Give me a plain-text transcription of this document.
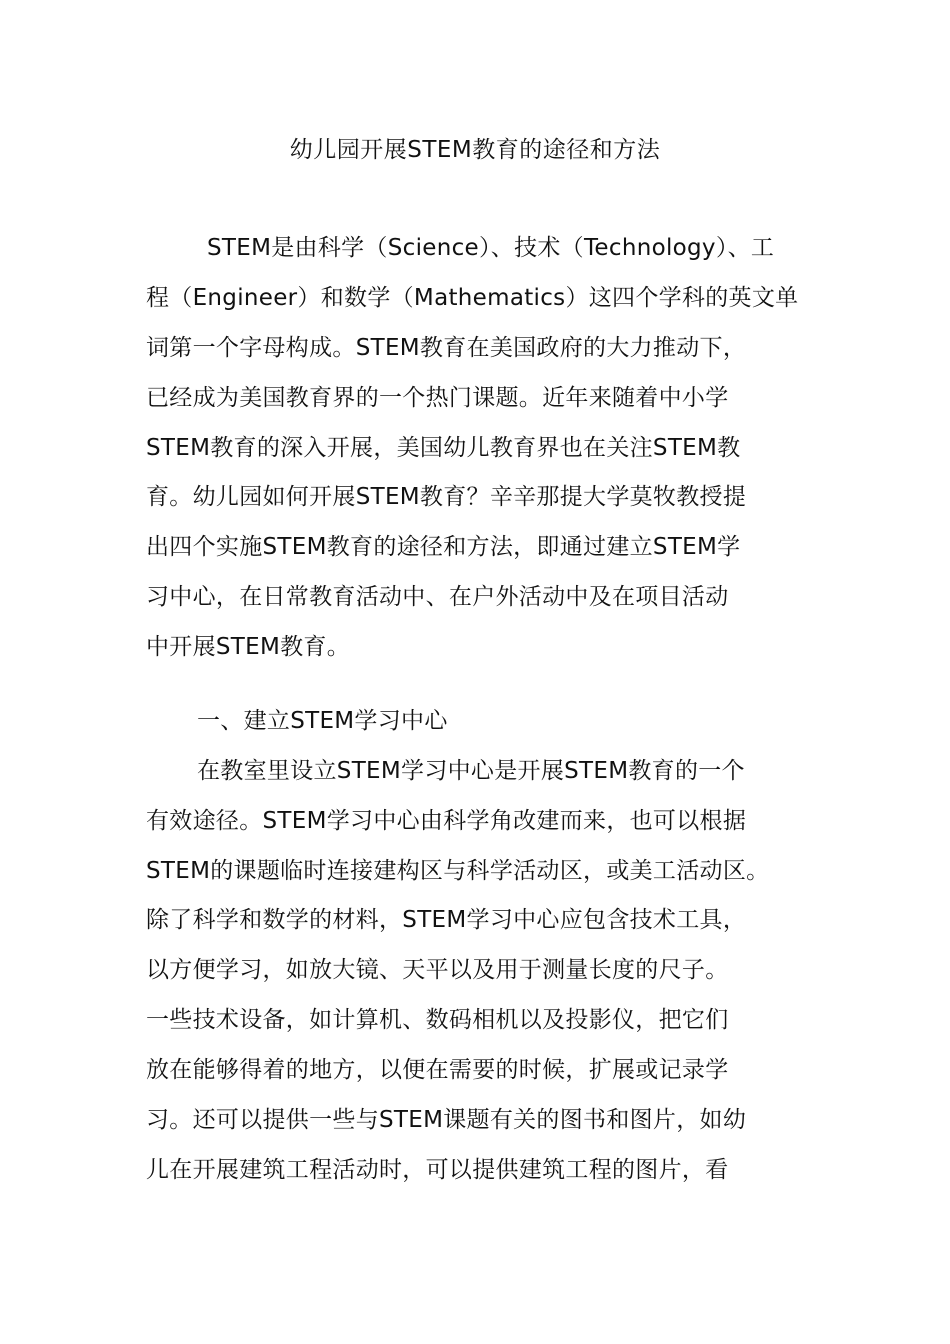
幼儿园开展STEM教育的途径和方法
STEM是由科学（Science）、技术（Technology）、工
程（Engineer）和数学（Mathematics）这四个学科的英文单
词第一个字母构成。STEM教育在美国政府的大力推动下，
已经成为美国教育界的一个热门课题。近年来随着中小学
STEM教育的深入开展，美国幼儿教育界也在关注STEM教
育。幼儿园如何开展STEM教育？辛辛那提大学莫牧教授提
出四个实施STEM教育的途径和方法，即通过建立STEM学
习中心，在日常教育活动中、在户外活动中及在项目活动
中开展STEM教育。
一、建立STEM学习中心
在教室里设立STEM学习中心是开展STEM教育的一个
有效途径。STEM学习中心由科学角改建而来，也可以根据
STEM的课题临时连接建构区与科学活动区，或美工活动区。
除了科学和数学的材料，STEM学习中心应包含技术工具，
以方便学习，如放大镜、天平以及用于测量长度的尺子。
一些技术设备，如计算机、数码相机以及投影仪，把它们
放在能够得着的地方，以便在需要的时候，扩展或记录学
习。还可以提供一些与STEM课题有关的图书和图片，如幼
儿在开展建筑工程活动时，可以提供建筑工程的图片，看
